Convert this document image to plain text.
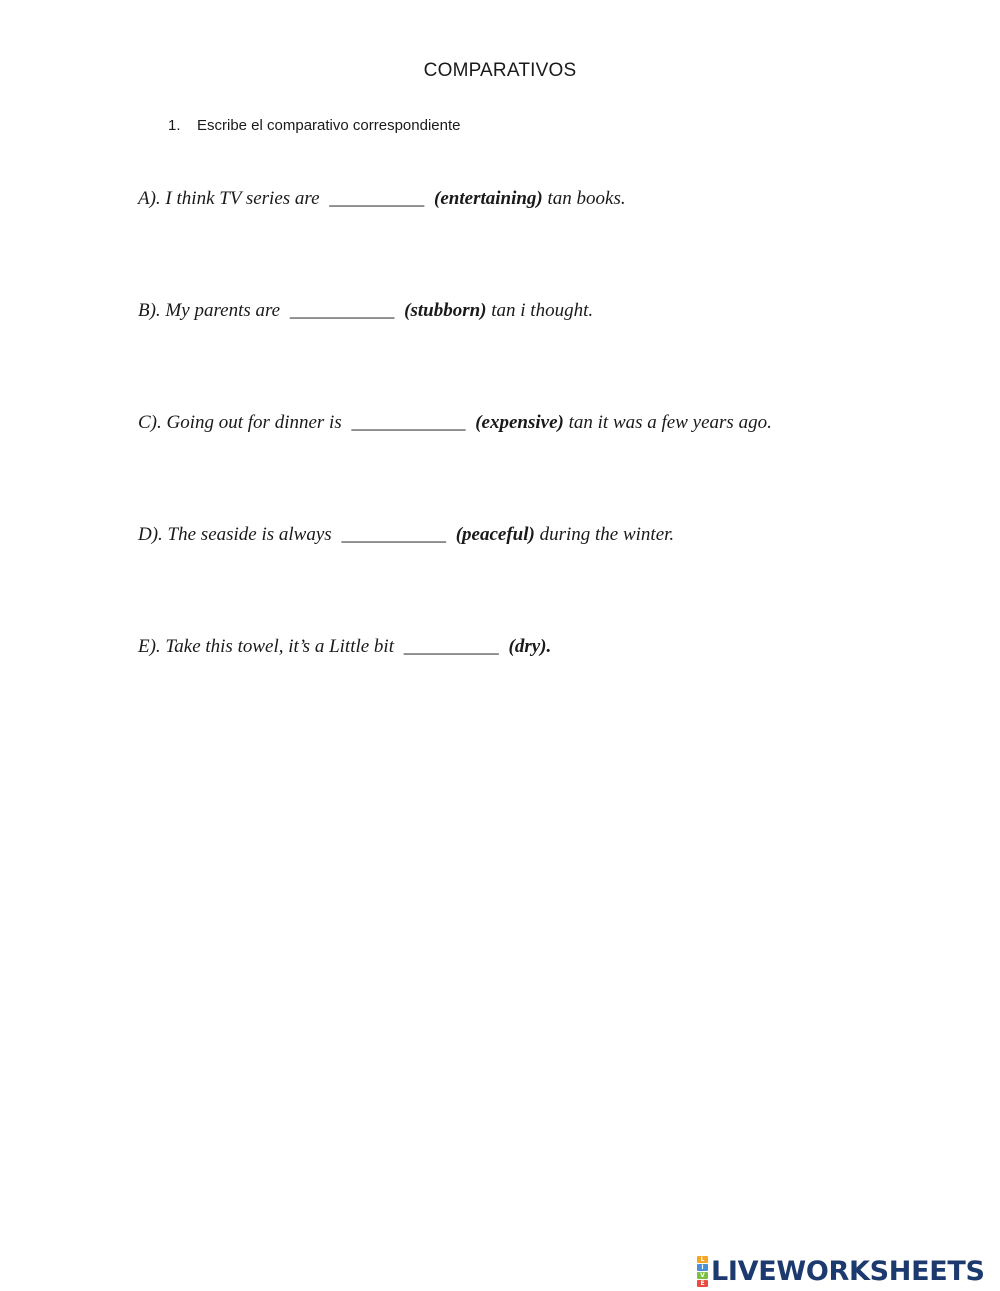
COMPARATIVOS
1. Escribe el comparativo correspondiente
A). I think TV series are __________ (entertaining) tan books.
B). My parents are ___________ (stubborn) tan i thought.
C). Going out for dinner is ____________ (expensive) tan it was a few years ago.
D). The seaside is always ___________ (peaceful) during the winter.
E). Take this towel, it’s a Little bit __________ (dry).
L
I
V
E LIVEWORKSHEETS
